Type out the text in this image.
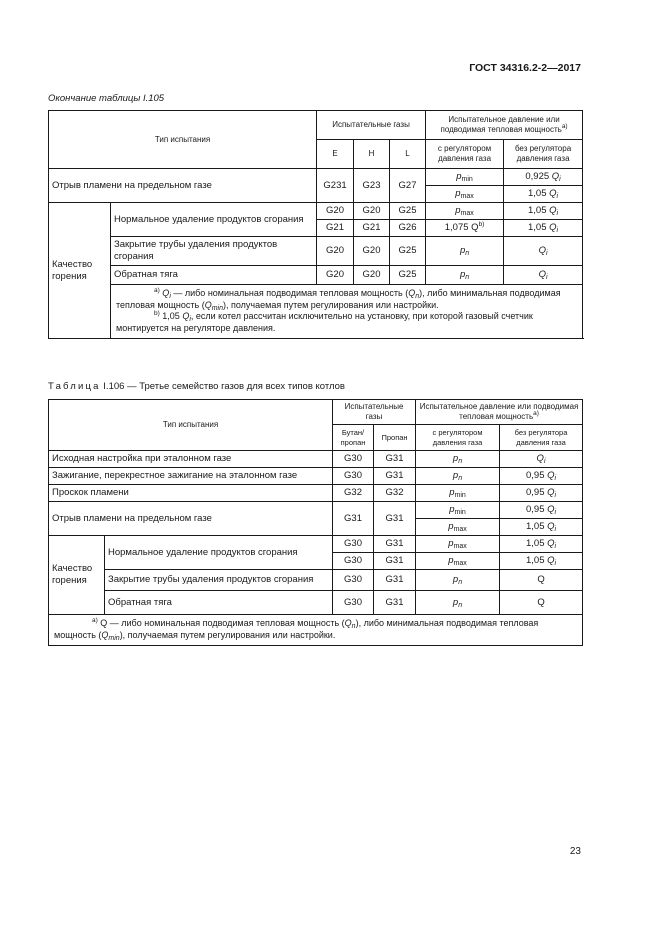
ГОСТ 34316.2-2—2017
Окончание таблицы I.105
Тип испытания		Испытательные газы			Испытательное давление или подводимая тепловая мощность$^{а)}$
		E	H	L	с регулятором давления газа	без регулятора давления газа
Отрыв пламени на предельном газе		G231	G23	G27	$p_{min}$	0,925 $Q_i$
					$p_{max}$	1,05 $Q_i$
Качество горения	Нормальное удаление продуктов сгорания	G20	G20	G25	$p_{max}$	1,05 $Q_i$
		G21	G21	G26	1,075 $Q^{b)}$	1,05 $Q_i$
	Закрытие трубы удаления продуктов сгорания	G20	G20	G25	$p_n$	$Q_i$
	Обратная тяга	G20	G20	G25	$p_n$	$Q_i$

	$^{a)}$ $Q_i$ — либо номинальная подводимая тепловая мощность $(Q_n)$, либо минимальная подводимая тепловая мощность $(Q_{min})$, получаемая путем регулирования или настройки.
$^{b)}$ 1,05 $Q_i$, если котел рассчитан исключительно на установку, при которой газовый счетчик монтируется на регуляторе давления.					
Таблица I.106 — Третье семейство газов для всех типов котлов
Тип испытания		Испытательные газы		Испытательное давление или подводимая тепловая мощность$^{а)}$
		Бутан/ пропан	Пропан	с регулятором давления газа	без регулятора давления газа
Исходная настройка при эталонном газе		G30	G31	$p_n$	$Q_i$
Зажигание, перекрестное зажигание на эталонном газе		G30	G31	$p_n$	0,95 $Q_i$
Проскок пламени		G32	G32	$p_{min}$	0,95 $Q_i$
Отрыв пламени на предельном газе		G31	G31	$p_{min}$	0,95 $Q_i$
				$p_{max}$	1,05 $Q_i$
Качество горения	Нормальное удаление продуктов сгорания	G30	G31	$p_{max}$	1,05 $Q_i$
		G30	G31	$p_{max}$	1,05 $Q_i$
	Закрытие трубы удаления продуктов сгорания	G30	G31	$p_n$	Q
	Обратная тяга	G30	G31	$p_n$	Q

$^{a)}$ Q — либо номинальная подводимая тепловая мощность $(Q_n)$, либо минимальная подводимая тепловая мощность $(Q_{min})$, получаемая путем регулирования или настройки.					
23
